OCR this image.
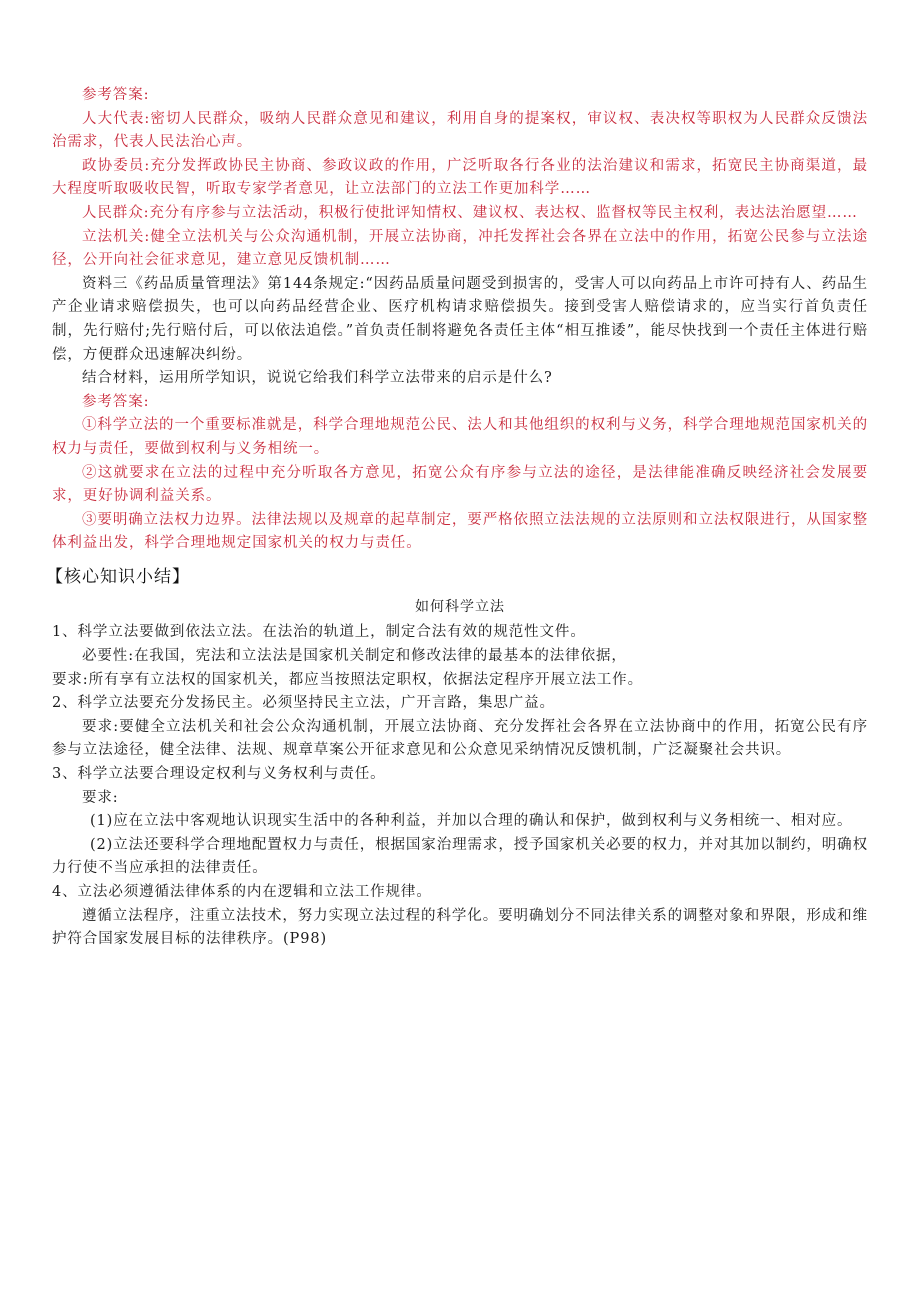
参考答案:

人大代表:密切人民群众，吸纳人民群众意见和建议，利用自身的提案权，审议权、表决权等职权为人民群众反馈法治需求，代表人民法治心声。

政协委员:充分发挥政协民主协商、参政议政的作用，广泛听取各行各业的法治建议和需求，拓宽民主协商渠道，最大程度听取吸收民智，听取专家学者意见，让立法部门的立法工作更加科学……

人民群众:充分有序参与立法活动，积极行使批评知情权、建议权、表达权、监督权等民主权利，表达法治愿望……

立法机关:健全立法机关与公众沟通机制，开展立法协商，冲托发挥社会各界在立法中的作用，拓宽公民参与立法途径，公开向社会征求意见，建立意见反馈机制……

资料三《药品质量管理法》第144条规定:“因药品质量问题受到损害的，受害人可以向药品上市许可持有人、药品生产企业请求赔偿损失，也可以向药品经营企业、医疗机构请求赔偿损失。接到受害人赔偿请求的，应当实行首负责任制，先行赔付;先行赔付后，可以依法追偿。”首负责任制将避免各责任主体“相互推诿”，能尽快找到一个责任主体进行赔偿，方便群众迅速解决纠纷。

结合材料，运用所学知识，说说它给我们科学立法带来的启示是什么?

参考答案:

①科学立法的一个重要标准就是，科学合理地规范公民、法人和其他组织的权利与义务，科学合理地规范国家机关的权力与责任，要做到权利与义务相统一。

②这就要求在立法的过程中充分听取各方意见，拓宽公众有序参与立法的途径，是法律能准确反映经济社会发展要求，更好协调利益关系。

③要明确立法权力边界。法律法规以及规章的起草制定，要严格依照立法法规的立法原则和立法权限进行，从国家整体利益出发，科学合理地规定国家机关的权力与责任。

【核心知识小结】

如何科学立法

1、科学立法要做到依法立法。在法治的轨道上，制定合法有效的规范性文件。

必要性:在我国，宪法和立法法是国家机关制定和修改法律的最基本的法律依据，

要求:所有享有立法权的国家机关，都应当按照法定职权，依据法定程序开展立法工作。

2、科学立法要充分发扬民主。必须坚持民主立法，广开言路，集思广益。

要求:要健全立法机关和社会公众沟通机制，开展立法协商、充分发挥社会各界在立法协商中的作用，拓宽公民有序参与立法途径，健全法律、法规、规章草案公开征求意见和公众意见采纳情况反馈机制，广泛凝聚社会共识。

3、科学立法要合理设定权利与义务权利与责任。

要求:

(1)应在立法中客观地认识现实生活中的各种利益，并加以合理的确认和保护，做到权利与义务相统一、相对应。

(2)立法还要科学合理地配置权力与责任，根据国家治理需求，授予国家机关必要的权力，并对其加以制约，明确权力行使不当应承担的法律责任。

4、立法必须遵循法律体系的内在逻辑和立法工作规律。

遵循立法程序，注重立法技术，努力实现立法过程的科学化。要明确划分不同法律关系的调整对象和界限，形成和维护符合国家发展目标的法律秩序。(P98)
